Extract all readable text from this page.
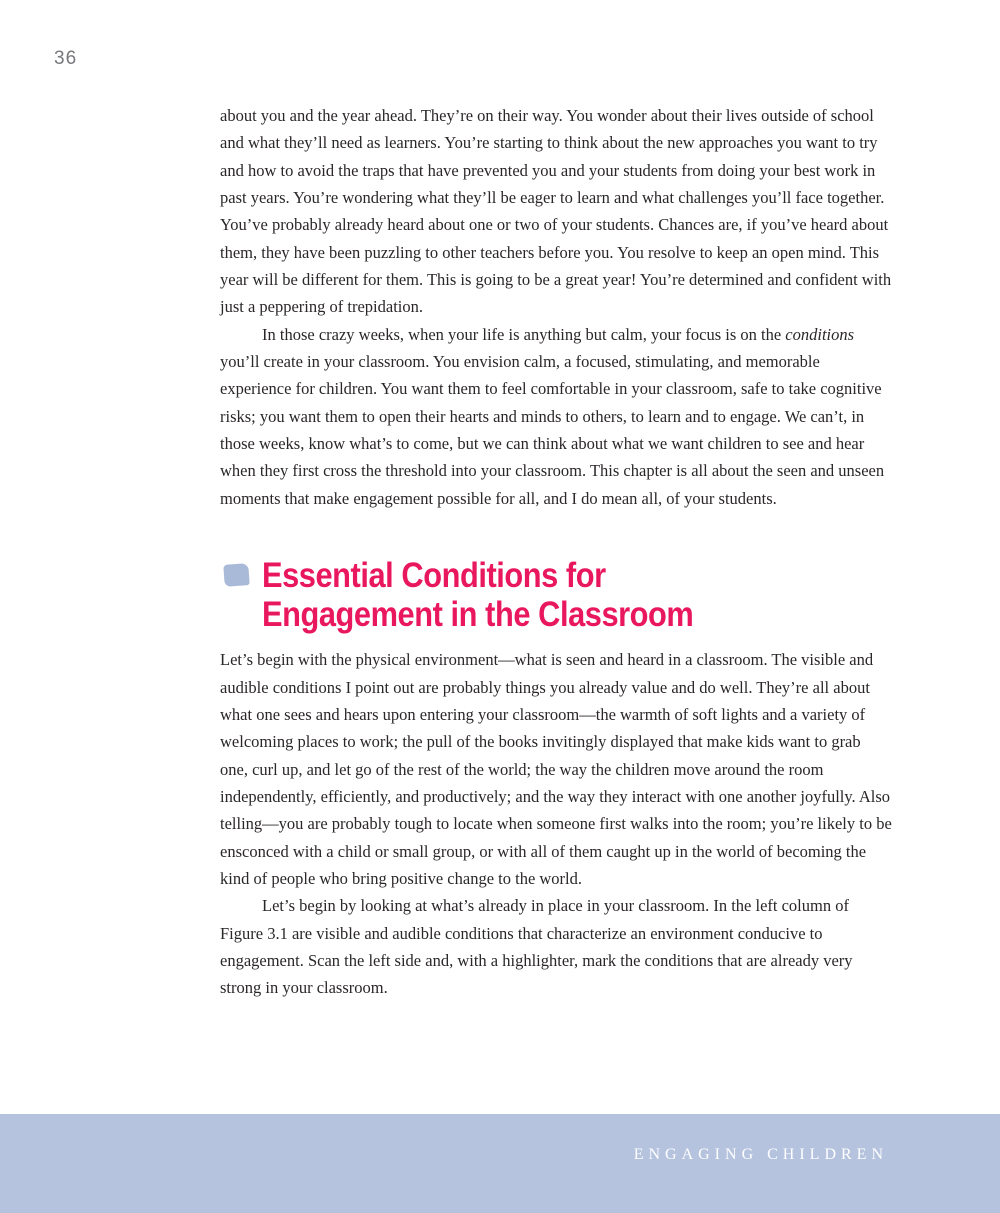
36

about you and the year ahead. They’re on their way. You wonder about their lives outside of school and what they’ll need as learners. You’re starting to think about the new approaches you want to try and how to avoid the traps that have prevented you and your students from doing your best work in past years. You’re wondering what they’ll be eager to learn and what challenges you’ll face together. You’ve probably already heard about one or two of your students. Chances are, if you’ve heard about them, they have been puzzling to other teachers before you. You resolve to keep an open mind. This year will be different for them. This is going to be a great year! You’re determined and confident with just a peppering of trepidation.

In those crazy weeks, when your life is anything but calm, your focus is on the conditions you’ll create in your classroom. You envision calm, a focused, stimulating, and memorable experience for children. You want them to feel comfortable in your classroom, safe to take cognitive risks; you want them to open their hearts and minds to others, to learn and to engage. We can’t, in those weeks, know what’s to come, but we can think about what we want children to see and hear when they first cross the threshold into your classroom. This chapter is all about the seen and unseen moments that make engagement possible for all, and I do mean all, of your students.

Essential Conditions for
Engagement in the Classroom

Let’s begin with the physical environment—what is seen and heard in a classroom. The visible and audible conditions I point out are probably things you already value and do well. They’re all about what one sees and hears upon entering your classroom—the warmth of soft lights and a variety of welcoming places to work; the pull of the books invitingly displayed that make kids want to grab one, curl up, and let go of the rest of the world; the way the children move around the room independently, efficiently, and productively; and the way they interact with one another joyfully. Also telling—you are probably tough to locate when someone first walks into the room; you’re likely to be ensconced with a child or small group, or with all of them caught up in the world of becoming the kind of people who bring positive change to the world.

Let’s begin by looking at what’s already in place in your classroom. In the left column of Figure 3.1 are visible and audible conditions that characterize an environment conducive to engagement. Scan the left side and, with a highlighter, mark the conditions that are already very strong in your classroom.

ENGAGING CHILDREN
